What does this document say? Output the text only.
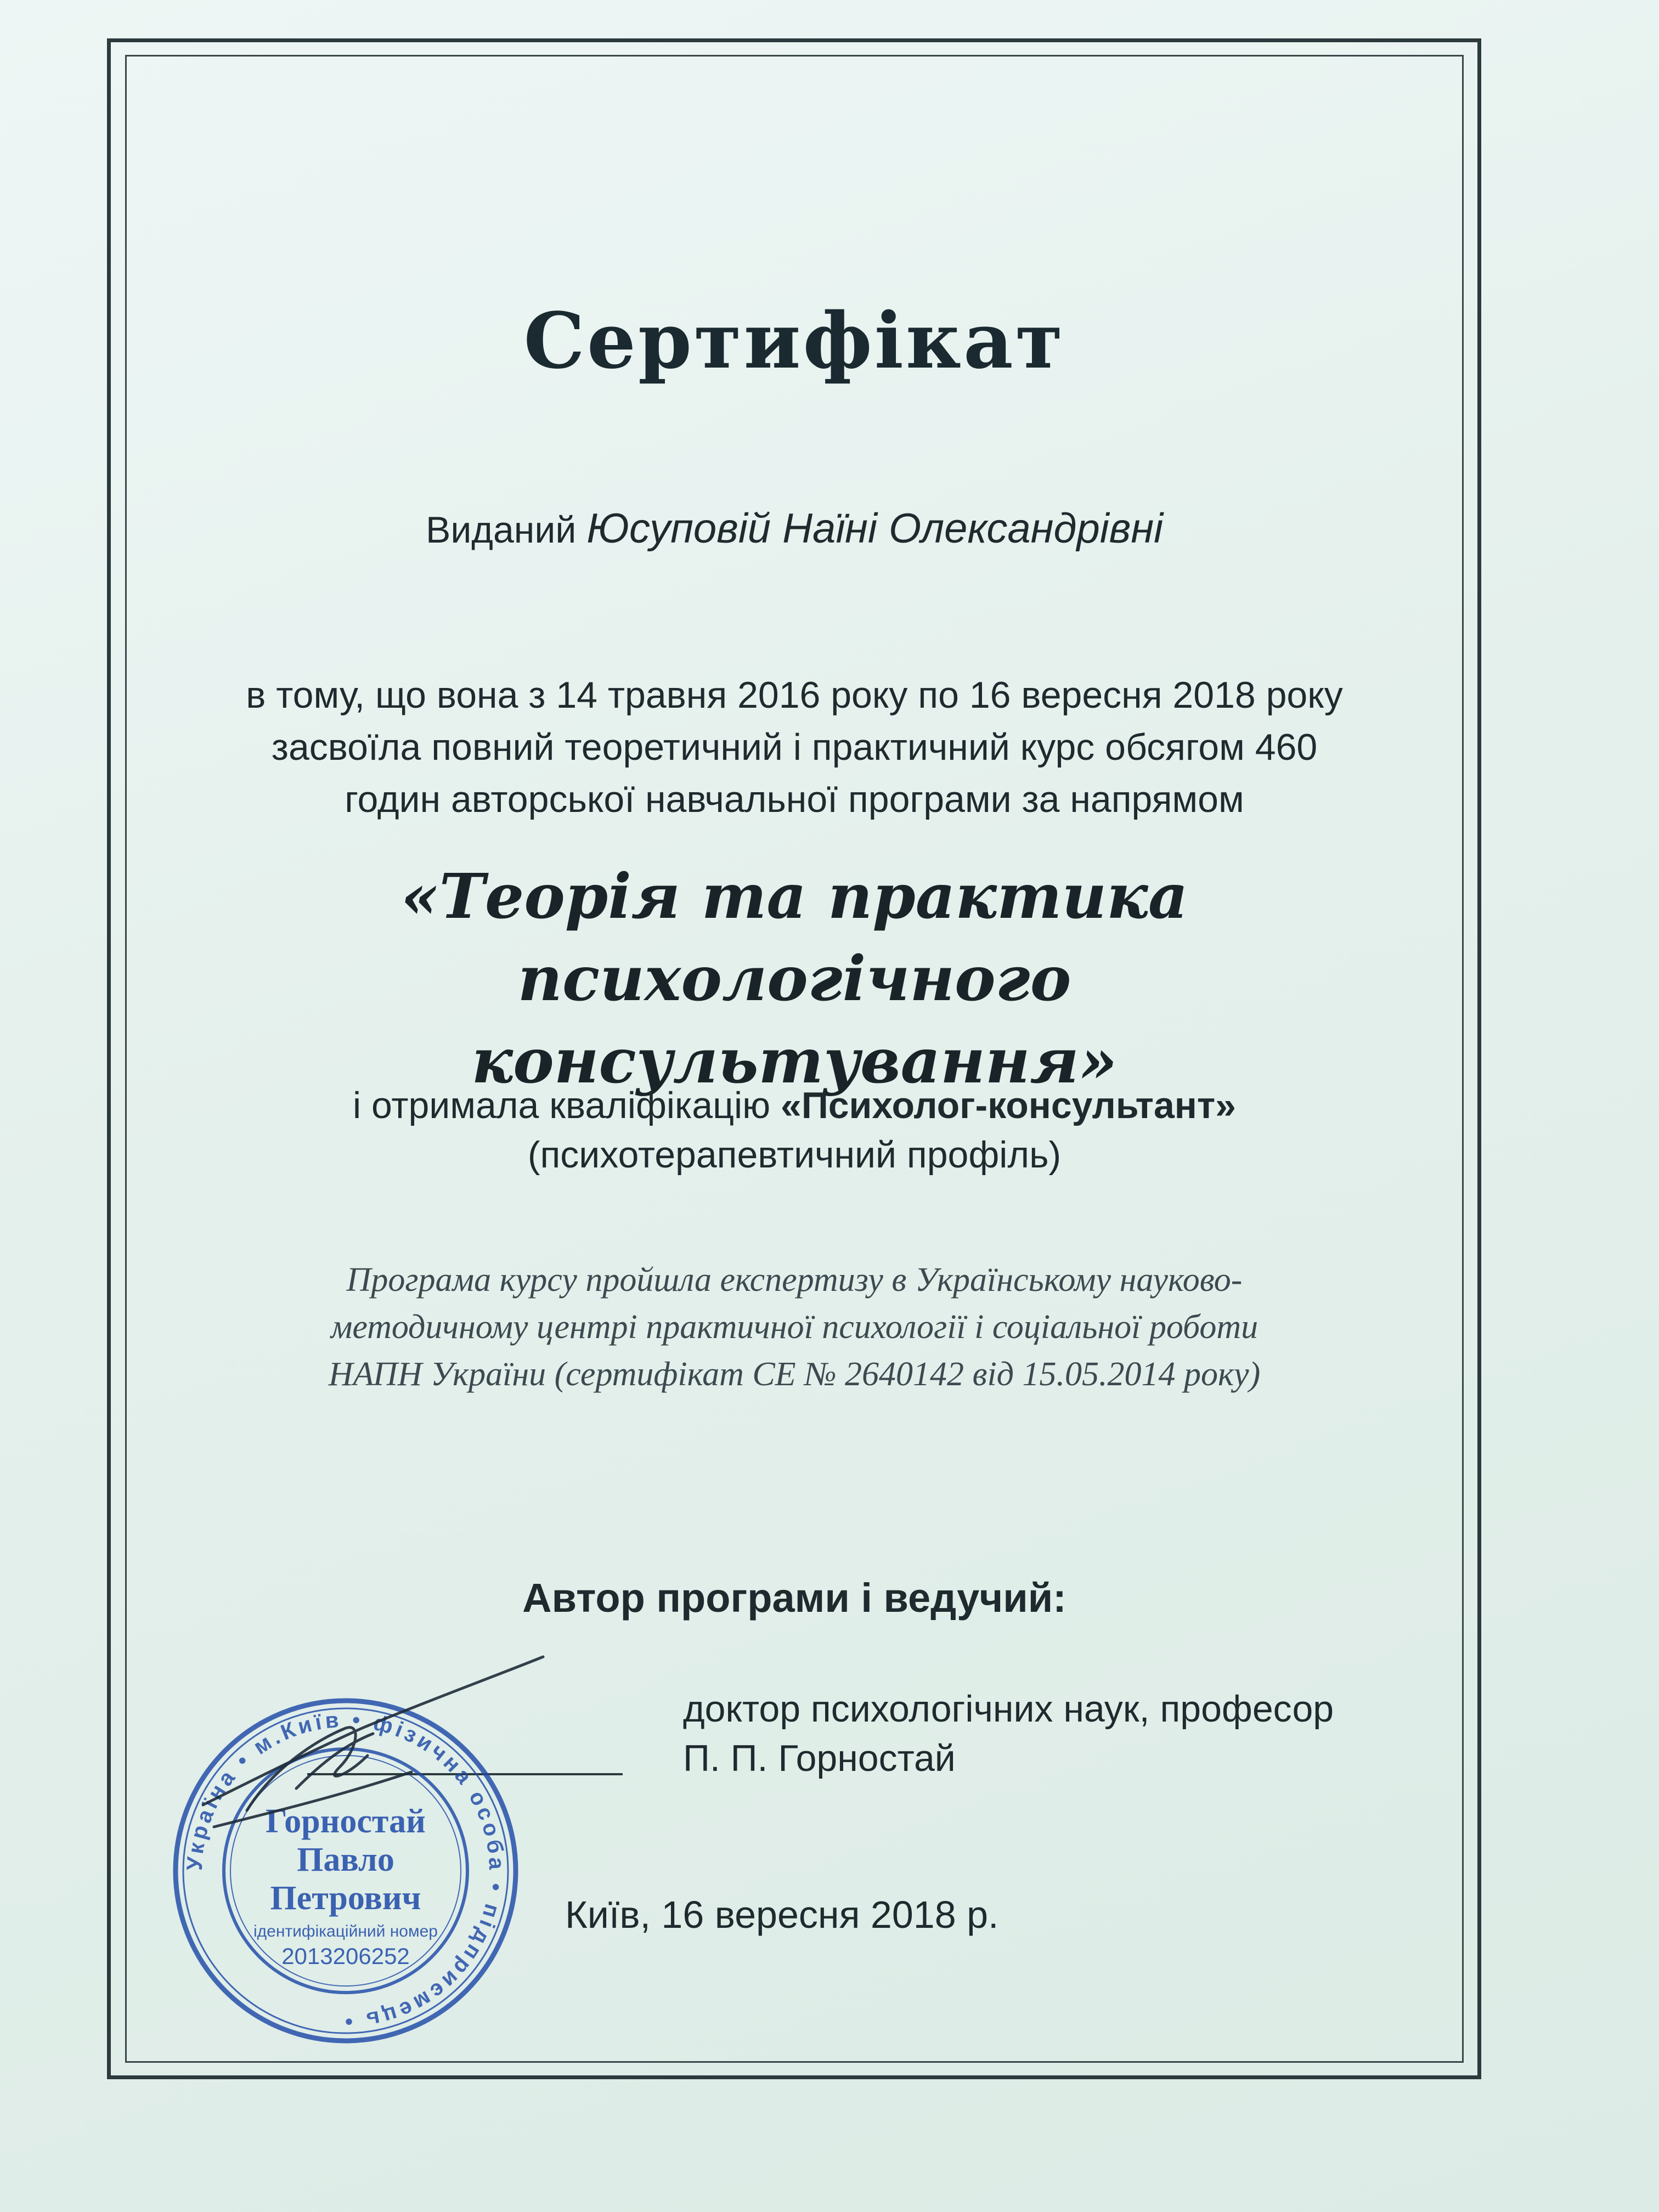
Сертифікат
Виданий Юсуповій Наїні Олександрівні
в тому, що вона з 14 травня 2016 року по 16 вересня 2018 року
засвоїла повний теоретичний і практичний курс обсягом 460
годин авторської навчальної програми за напрямом
«Теорія та практика психологічного
консультування»
і отримала кваліфікацію «Психолог-консультант»
(психотерапевтичний профіль)
Програма курсу пройшла експертизу в Українському науково-
методичному центрі практичної психології і соціальної роботи
НАПН України (сертифікат СЕ № 2640142 від 15.05.2014 року)
Автор програми і ведучий:
доктор психологічних наук, професор
П. П. Горностай
Україна • м.Київ • фізична особа • підприємець •
Горностай
Павло
Петрович
ідентифікаційний номер
2013206252
Київ, 16 вересня 2018 р.
